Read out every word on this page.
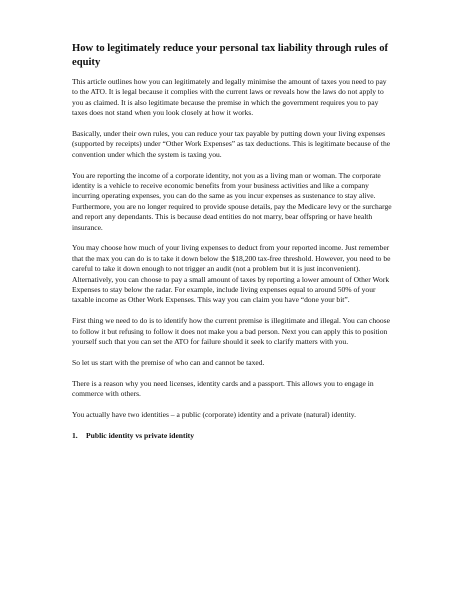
How to legitimately reduce your personal tax liability through rules of equity

This article outlines how you can legitimately and legally minimise the amount of taxes you need to pay to the ATO. It is legal because it complies with the current laws or reveals how the laws do not apply to you as claimed. It is also legitimate because the premise in which the government requires you to pay taxes does not stand when you look closely at how it works.

Basically, under their own rules, you can reduce your tax payable by putting down your living expenses (supported by receipts) under “Other Work Expenses” as tax deductions. This is legitimate because of the convention under which the system is taxing you.

You are reporting the income of a corporate identity, not you as a living man or woman. The corporate identity is a vehicle to receive economic benefits from your business activities and like a company incurring operating expenses, you can do the same as you incur expenses as sustenance to stay alive. Furthermore, you are no longer required to provide spouse details, pay the Medicare levy or the surcharge and report any dependants. This is because dead entities do not marry, bear offspring or have health insurance.

You may choose how much of your living expenses to deduct from your reported income. Just remember that the max you can do is to take it down below the $18,200 tax-free threshold. However, you need to be careful to take it down enough to not trigger an audit (not a problem but it is just inconvenient). Alternatively, you can choose to pay a small amount of taxes by reporting a lower amount of Other Work Expenses to stay below the radar. For example, include living expenses equal to around 50% of your taxable income as Other Work Expenses. This way you can claim you have “done your bit”.

First thing we need to do is to identify how the current premise is illegitimate and illegal. You can choose to follow it but refusing to follow it does not make you a bad person. Next you can apply this to position yourself such that you can set the ATO for failure should it seek to clarify matters with you.

So let us start with the premise of who can and cannot be taxed.

There is a reason why you need licenses, identity cards and a passport. This allows you to engage in commerce with others.

You actually have two identities – a public (corporate) identity and a private (natural) identity.

1.	Public identity vs private identity
